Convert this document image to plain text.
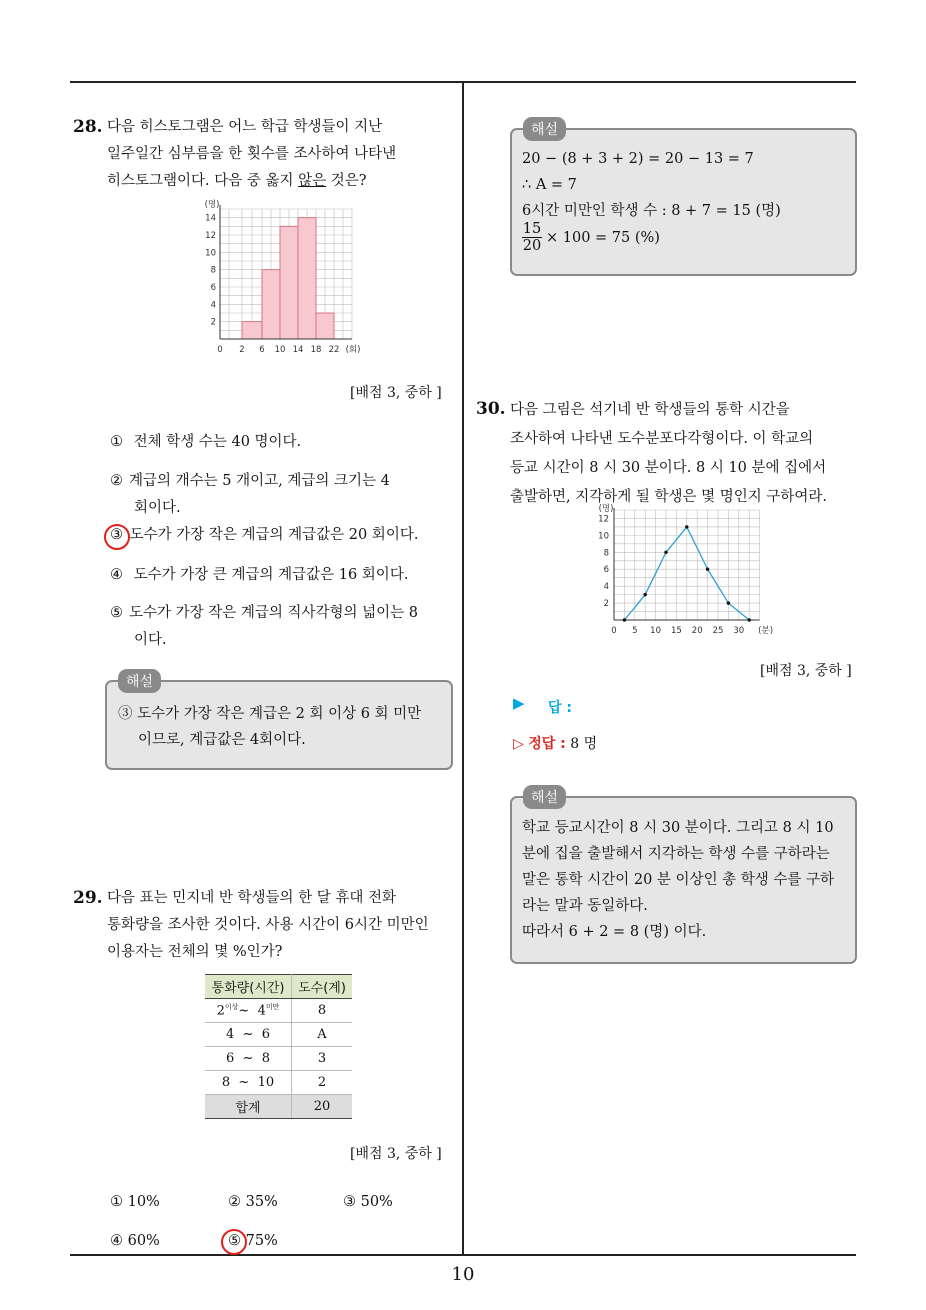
10
28. 다음 히스토그램은 어느 학급 학생들이 지난
일주일간 심부름을 한 횟수를 조사하여 나타낸
히스토그램이다. 다음 중 옳지 않은 것은?
2
4
6
8
10
12
14
(명)
0 2 6 10 14 18 22 (회)
[배점 3, 중하 ]
① 전체 학생 수는 40 명이다.
② 계급의 개수는 5 개이고, 계급의 크기는 4
회이다.
③ 도수가 가장 작은 계급의 계급값은 20 회이다.
④ 도수가 가장 큰 계급의 계급값은 16 회이다.
⑤ 도수가 가장 작은 계급의 직사각형의 넓이는 8
이다.
해설
③ 도수가 가장 작은 계급은 2 회 이상 6 회 미만
이므로, 계급값은 4회이다.
29. 다음 표는 민지네 반 학생들의 한 달 휴대 전화
통화량을 조사한 것이다. 사용 시간이 6시간 미만인
이용자는 전체의 몇 %인가?
통화량(시간)	도수(계)
$2^{이상}\sim$ $4^{미만}$	8
4  ~  6	A
6  ~  8	3
8  ~  10	2
합계	20
[배점 3, 중하 ]
① 10%	② 35%	③ 50%
④ 60%	⑤ 75%
해설
20 − (8 + 3 + 2) = 20 − 13 = 7
∴ A = 7
6시간 미만인 학생 수 : 8 + 7 = 15 (명)
$\frac{15}{20} \times 100 = 75$ (%)
30. 다음 그림은 석기네 반 학생들의 통학 시간을
조사하여 나타낸 도수분포다각형이다. 이 학교의
등교 시간이 8 시 30 분이다. 8 시 10 분에 집에서
출발하면, 지각하게 될 학생은 몇 명인지 구하여라.
2
4
6
8
10
12
(명)
0 5 10 15 20 25 30 (분)
[배점 3, 중하 ]
▶ 답 :
▷ 정답 : 8 명
해설
학교 등교시간이 8 시 30 분이다. 그리고 8 시 10
분에 집을 출발해서 지각하는 학생 수를 구하라는
말은 통학 시간이 20 분 이상인 총 학생 수를 구하
라는 말과 동일하다.
따라서 6 + 2 = 8 (명) 이다.
